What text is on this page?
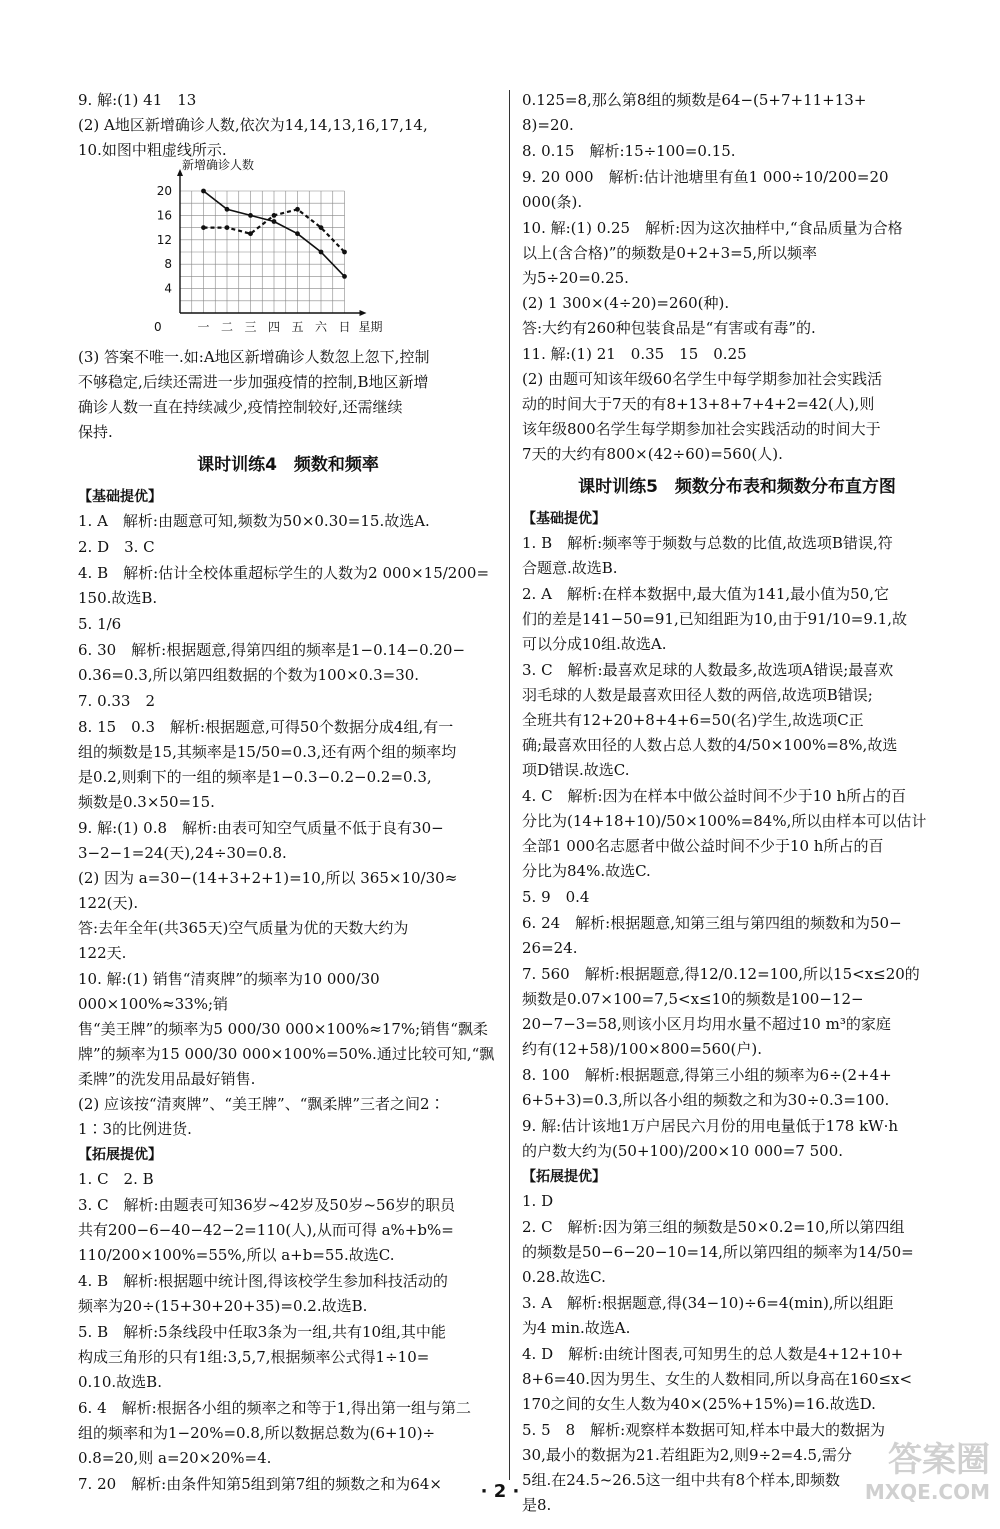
9. 解:(1) 41　13

(2) A地区新增确诊人数,依次为14,14,13,16,17,14,

10.如图中粗虚线所示.

新增确诊人数
星期
0
4
8
12
16
20
一 二 三 四 五 六 日

(3) 答案不唯一.如:A地区新增确诊人数忽上忽下,控制

不够稳定,后续还需进一步加强疫情的控制,B地区新增

确诊人数一直在持续减少,疫情控制较好,还需继续

保持.

课时训练4　频数和频率

【基础提优】

1. A　解析:由题意可知,频数为50×0.30=15.故选A.

2. D　3. C

4. B　解析:估计全校体重超标学生的人数为2 000×15/200=

150.故选B.

5. 1/6

6. 30　解析:根据题意,得第四组的频率是1−0.14−0.20−

0.36=0.3,所以第四组数据的个数为100×0.3=30.

7. 0.33　2

8. 15　0.3　解析:根据题意,可得50个数据分成4组,有一

组的频数是15,其频率是15/50=0.3,还有两个组的频率均

是0.2,则剩下的一组的频率是1−0.3−0.2−0.2=0.3,

频数是0.3×50=15.

9. 解:(1) 0.8　解析:由表可知空气质量不低于良有30−

3−2−1=24(天),24÷30=0.8.

(2) 因为 a=30−(14+3+2+1)=10,所以 365×10/30≈

122(天).

答:去年全年(共365天)空气质量为优的天数大约为

122天.

10. 解:(1) 销售“清爽牌”的频率为10 000/30 000×100%≈33%;销

售“美王牌”的频率为5 000/30 000×100%≈17%;销售“飘柔

牌”的频率为15 000/30 000×100%=50%.通过比较可知,“飘

柔牌”的洗发用品最好销售.

(2) 应该按“清爽牌”、“美王牌”、“飘柔牌”三者之间2∶

1∶3的比例进货.

【拓展提优】

1. C　2. B

3. C　解析:由题表可知36岁~42岁及50岁~56岁的职员

共有200−6−40−42−2=110(人),从而可得 a%+b%=

110/200×100%=55%,所以 a+b=55.故选C.

4. B　解析:根据题中统计图,得该校学生参加科技活动的

频率为20÷(15+30+20+35)=0.2.故选B.

5. B　解析:5条线段中任取3条为一组,共有10组,其中能

构成三角形的只有1组:3,5,7,根据频率公式得1÷10=

0.10.故选B.

6. 4　解析:根据各小组的频率之和等于1,得出第一组与第二

组的频率和为1−20%=0.8,所以数据总数为(6+10)÷

0.8=20,则 a=20×20%=4.

7. 20　解析:由条件知第5组到第7组的频数之和为64×

0.125=8,那么第8组的频数是64−(5+7+11+13+

8)=20.

8. 0.15　解析:15÷100=0.15.

9. 20 000　解析:估计池塘里有鱼1 000÷10/200=20 000(条).

10. 解:(1) 0.25　解析:因为这次抽样中,“食品质量为合格

以上(含合格)”的频数是0+2+3=5,所以频率

为5÷20=0.25.

(2) 1 300×(4÷20)=260(种).

答:大约有260种包装食品是“有害或有毒”的.

11. 解:(1) 21　0.35　15　0.25

(2) 由题可知该年级60名学生中每学期参加社会实践活

动的时间大于7天的有8+13+8+7+4+2=42(人),则

该年级800名学生每学期参加社会实践活动的时间大于

7天的大约有800×(42÷60)=560(人).

课时训练5　频数分布表和频数分布直方图

【基础提优】

1. B　解析:频率等于频数与总数的比值,故选项B错误,符

合题意.故选B.

2. A　解析:在样本数据中,最大值为141,最小值为50,它

们的差是141−50=91,已知组距为10,由于91/10=9.1,故

可以分成10组.故选A.

3. C　解析:最喜欢足球的人数最多,故选项A错误;最喜欢

羽毛球的人数是最喜欢田径人数的两倍,故选项B错误;

全班共有12+20+8+4+6=50(名)学生,故选项C正

确;最喜欢田径的人数占总人数的4/50×100%=8%,故选

项D错误.故选C.

4. C　解析:因为在样本中做公益时间不少于10 h所占的百

分比为(14+18+10)/50×100%=84%,所以由样本可以估计

全部1 000名志愿者中做公益时间不少于10 h所占的百

分比为84%.故选C.

5. 9　0.4

6. 24　解析:根据题意,知第三组与第四组的频数和为50−

26=24.

7. 560　解析:根据题意,得12/0.12=100,所以15<x≤20的

频数是0.07×100=7,5<x≤10的频数是100−12−

20−7−3=58,则该小区月均用水量不超过10 m³的家庭

约有(12+58)/100×800=560(户).

8. 100　解析:根据题意,得第三小组的频率为6÷(2+4+

6+5+3)=0.3,所以各小组的频数之和为30÷0.3=100.

9. 解:估计该地1万户居民六月份的用电量低于178 kW·h

的户数大约为(50+100)/200×10 000=7 500.

【拓展提优】

1. D

2. C　解析:因为第三组的频数是50×0.2=10,所以第四组

的频数是50−6−20−10=14,所以第四组的频率为14/50=

0.28.故选C.

3. A　解析:根据题意,得(34−10)÷6=4(min),所以组距

为4 min.故选A.

4. D　解析:由统计图表,可知男生的总人数是4+12+10+

8+6=40.因为男生、女生的人数相同,所以身高在160≤x<

170之间的女生人数为40×(25%+15%)=16.故选D.

5. 5　8　解析:观察样本数据可知,样本中最大的数据为

30,最小的数据为21.若组距为2,则9÷2=4.5,需分

5组.在24.5~26.5这一组中共有8个样本,即频数

是8.

· 2 ·
答案圈
MXQE.COM
